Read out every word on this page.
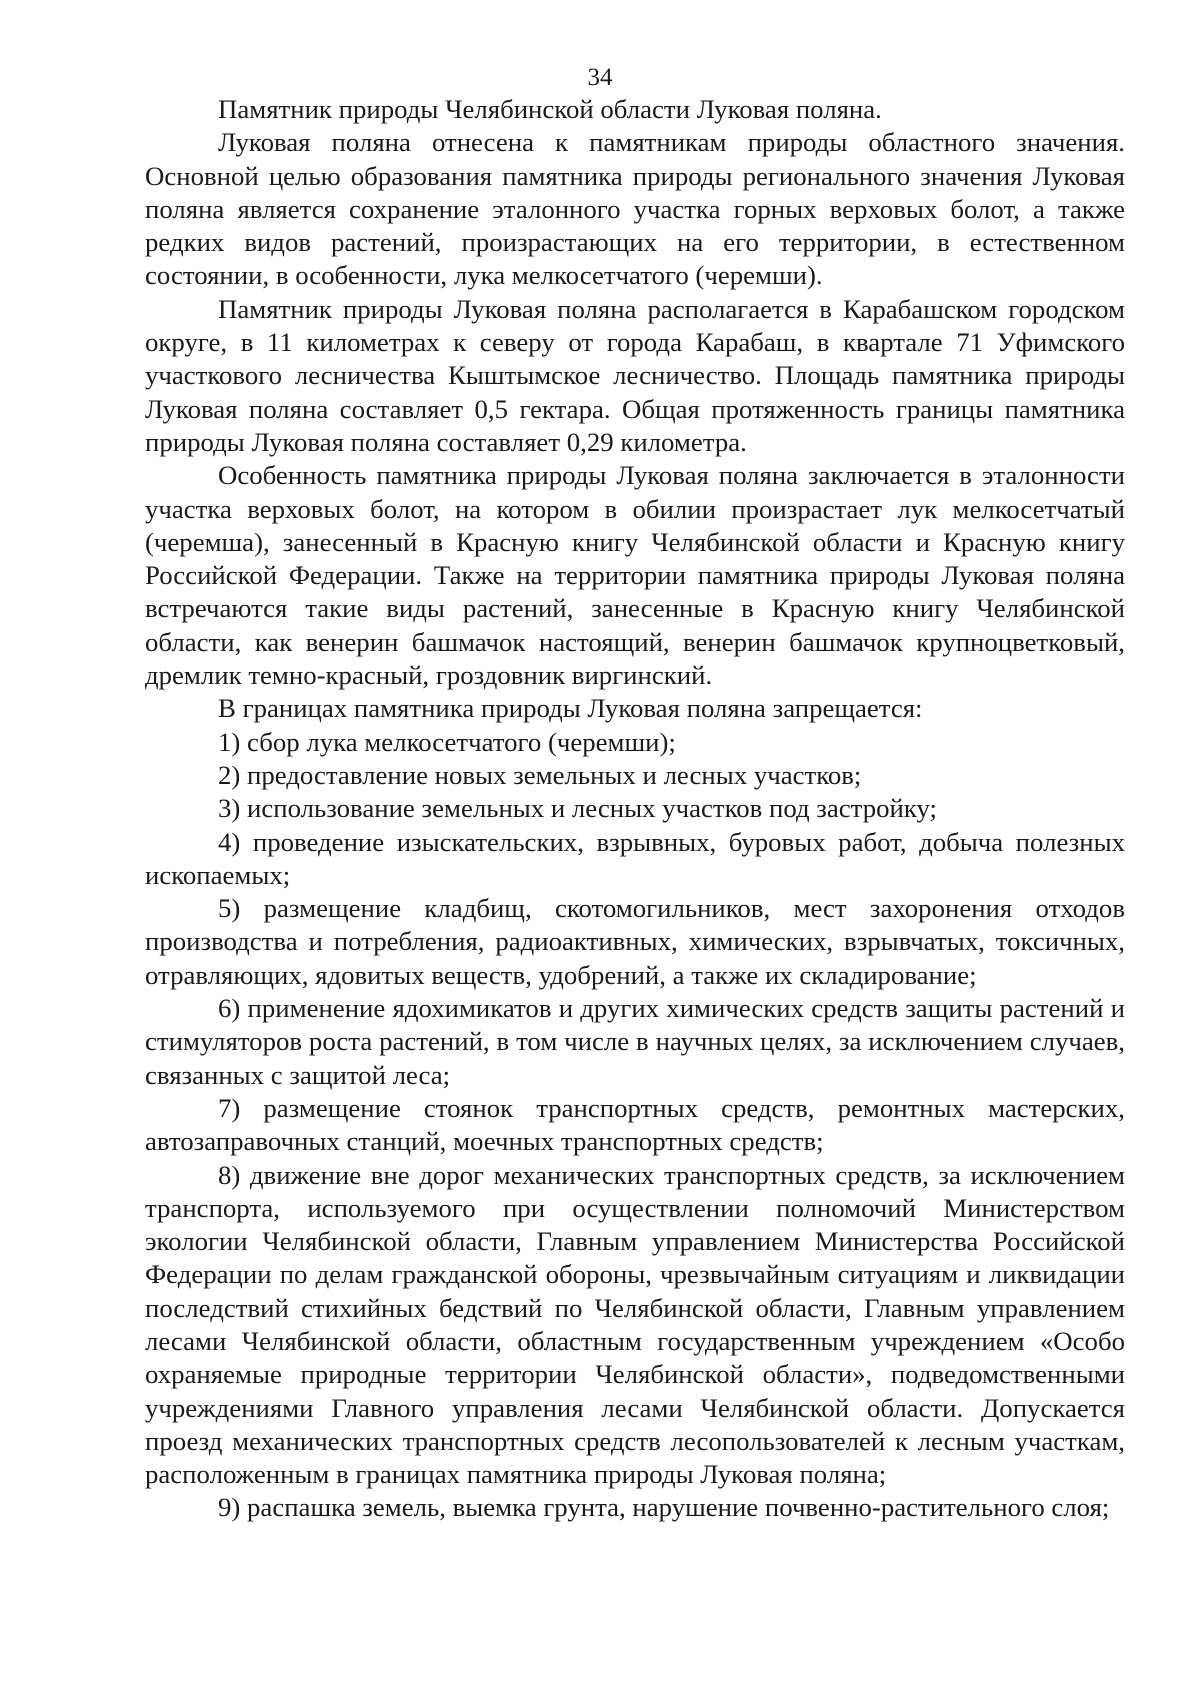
34

Памятник природы Челябинской области Луковая поляна.

Луковая поляна отнесена к памятникам природы областного значения. Основной целью образования памятника природы регионального значения Луковая поляна является сохранение эталонного участка горных верховых болот, а также редких видов растений, произрастающих на его территории, в естественном состоянии, в особенности, лука мелкосетчатого (черемши).

Памятник природы Луковая поляна располагается в Карабашском городском округе, в 11 километрах к северу от города Карабаш, в квартале 71 Уфимского участкового лесничества Кыштымское лесничество. Площадь памятника природы Луковая поляна составляет 0,5 гектара. Общая протяженность границы памятника природы Луковая поляна составляет 0,29 километра.

Особенность памятника природы Луковая поляна заключается в эталонности участка верховых болот, на котором в обилии произрастает лук мелкосетчатый (черемша), занесенный в Красную книгу Челябинской области и Красную книгу Российской Федерации. Также на территории памятника природы Луковая поляна встречаются такие виды растений, занесенные в Красную книгу Челябинской области, как венерин башмачок настоящий, венерин башмачок крупноцветковый, дремлик темно-красный, гроздовник виргинский.

В границах памятника природы Луковая поляна запрещается:

1) сбор лука мелкосетчатого (черемши);

2) предоставление новых земельных и лесных участков;

3) использование земельных и лесных участков под застройку;

4) проведение изыскательских, взрывных, буровых работ, добыча полезных ископаемых;

5) размещение кладбищ, скотомогильников, мест захоронения отходов производства и потребления, радиоактивных, химических, взрывчатых, токсичных, отравляющих, ядовитых веществ, удобрений, а также их складирование;

6) применение ядохимикатов и других химических средств защиты растений и стимуляторов роста растений, в том числе в научных целях, за исключением случаев, связанных с защитой леса;

7) размещение стоянок транспортных средств, ремонтных мастерских, автозаправочных станций, моечных транспортных средств;

8) движение вне дорог механических транспортных средств, за исключением транспорта, используемого при осуществлении полномочий Министерством экологии Челябинской области, Главным управлением Министерства Российской Федерации по делам гражданской обороны, чрезвычайным ситуациям и ликвидации последствий стихийных бедствий по Челябинской области, Главным управлением лесами Челябинской области, областным государственным учреждением «Особо охраняемые природные территории Челябинской области», подведомственными учреждениями Главного управления лесами Челябинской области. Допускается проезд механических транспортных средств лесопользователей к лесным участкам, расположенным в границах памятника природы Луковая поляна;

9) распашка земель, выемка грунта, нарушение почвенно-растительного слоя;
